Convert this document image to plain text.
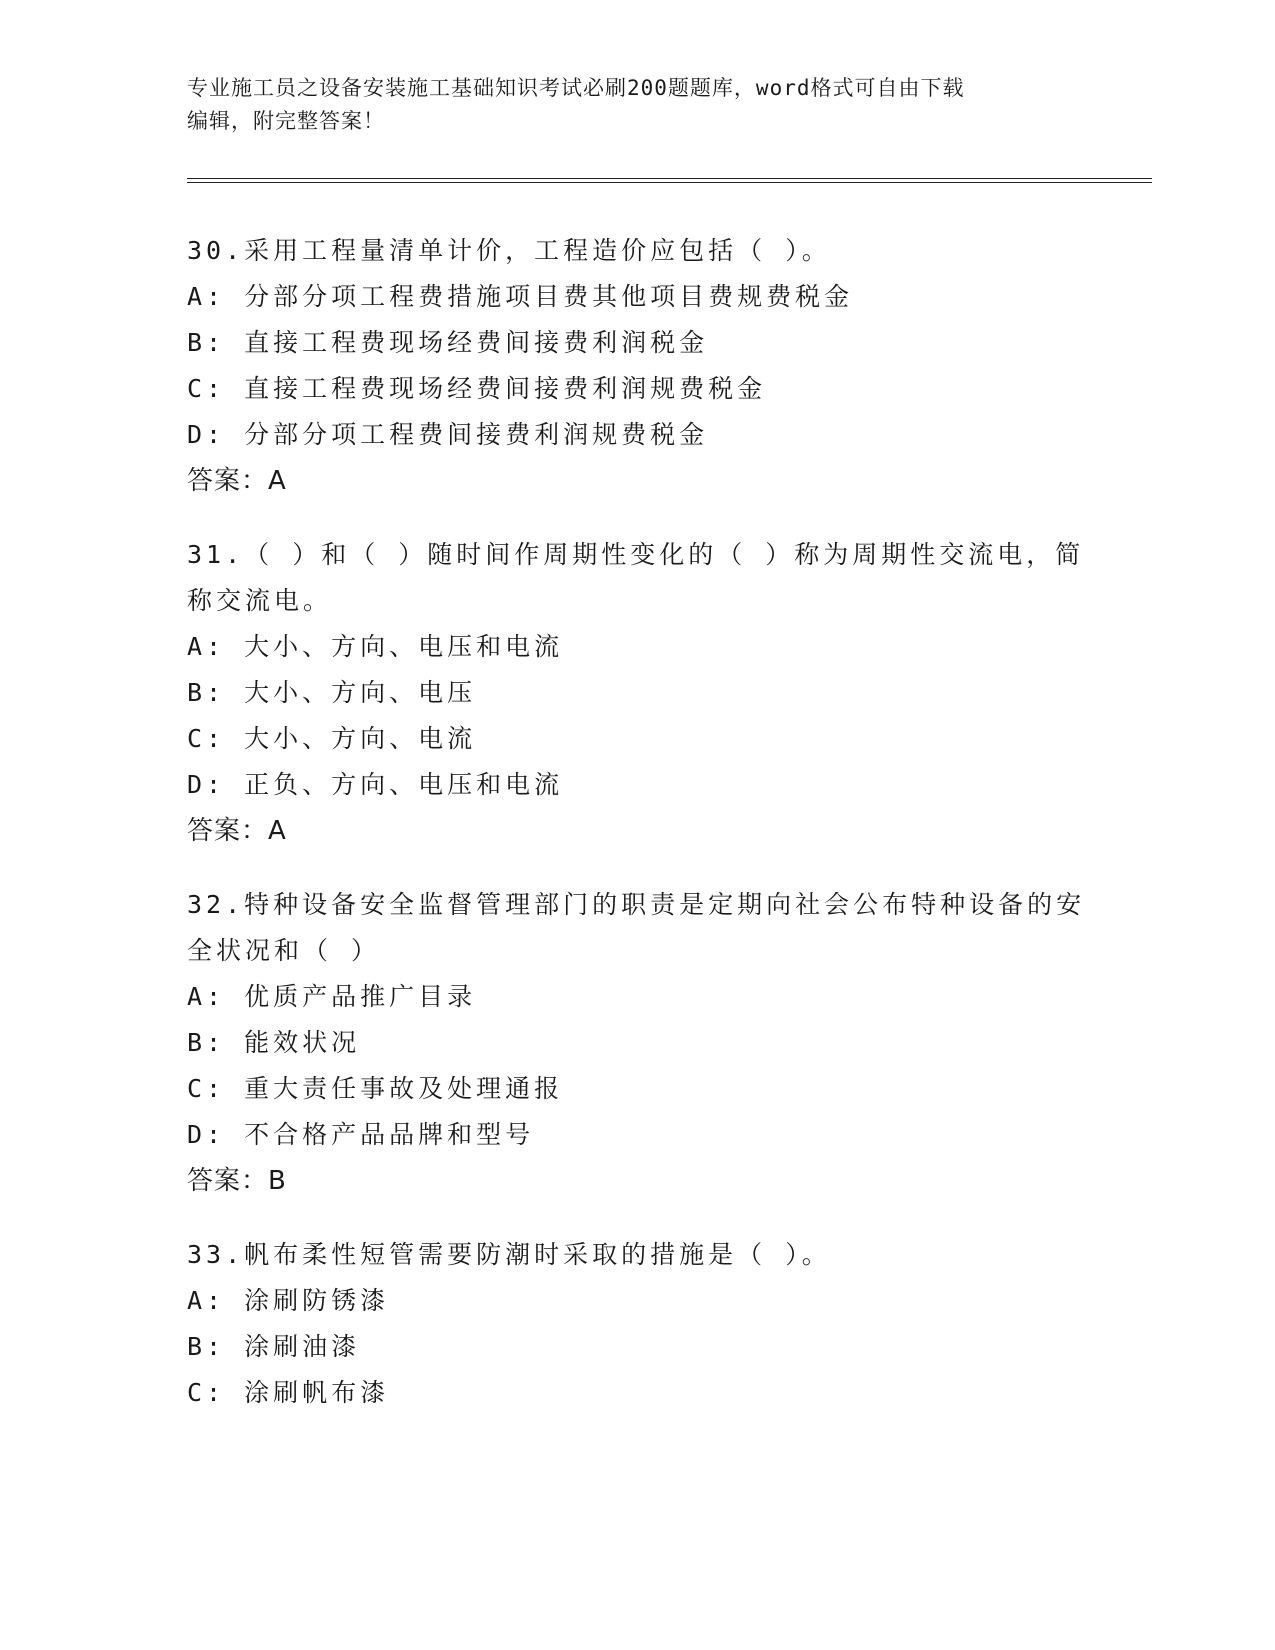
专业施工员之设备安装施工基础知识考试必刷200题题库，word格式可自由下载
编辑，附完整答案！

30.采用工程量清单计价，工程造价应包括（ ）。

A: 分部分项工程费措施项目费其他项目费规费税金

B: 直接工程费现场经费间接费利润税金

C: 直接工程费现场经费间接费利润规费税金

D: 分部分项工程费间接费利润规费税金

答案：A

31.（ ）和（ ）随时间作周期性变化的（ ）称为周期性交流电，简

称交流电。

A: 大小、方向、电压和电流

B: 大小、方向、电压

C: 大小、方向、电流

D: 正负、方向、电压和电流

答案：A

32.特种设备安全监督管理部门的职责是定期向社会公布特种设备的安

全状况和（ ）

A: 优质产品推广目录

B: 能效状况

C: 重大责任事故及处理通报

D: 不合格产品品牌和型号

答案：B

33.帆布柔性短管需要防潮时采取的措施是（ ）。

A: 涂刷防锈漆

B: 涂刷油漆

C: 涂刷帆布漆
